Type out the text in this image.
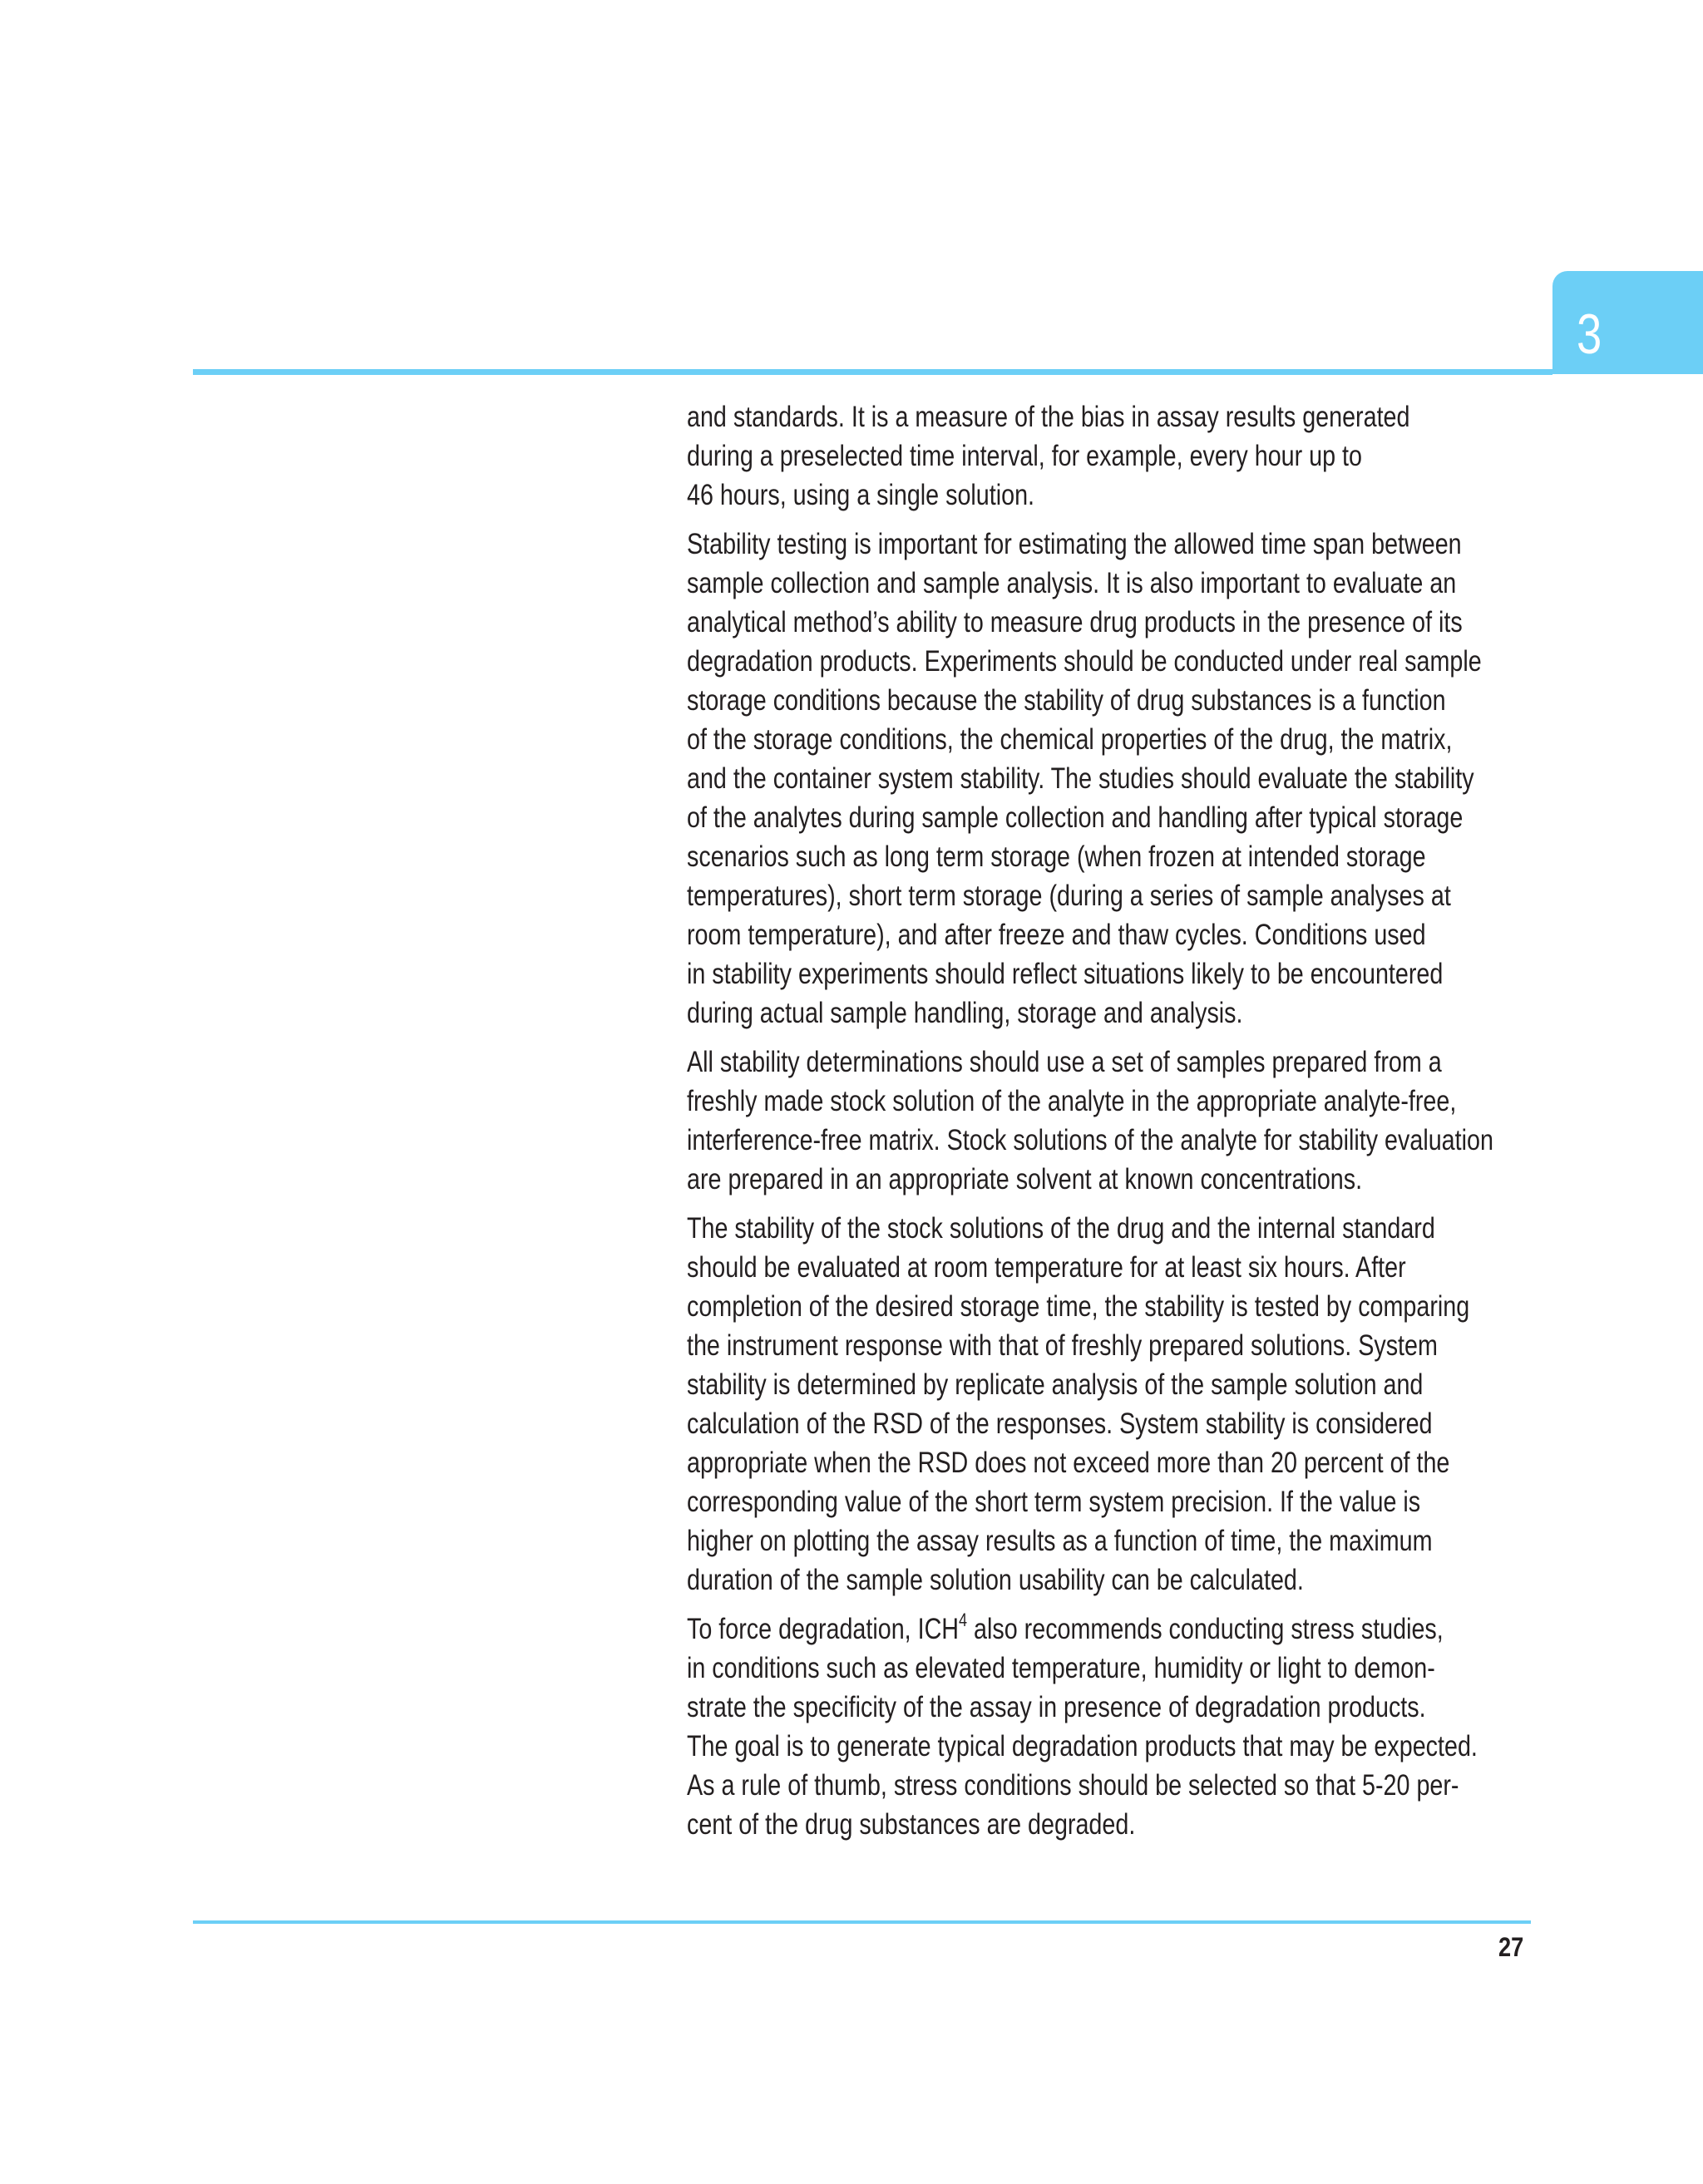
3

and standards. It is a measure of the bias in assay results generated
during a preselected time interval, for example, every hour up to
46 hours, using a single solution.

Stability testing is important for estimating the allowed time span between
sample collection and sample analysis. It is also important to evaluate an
analytical method’s ability to measure drug products in the presence of its
degradation products. Experiments should be conducted under real sample
storage conditions because the stability of drug substances is a function
of the storage conditions, the chemical properties of the drug, the matrix,
and the container system stability. The studies should evaluate the stability
of the analytes during sample collection and handling after typical storage
scenarios such as long term storage (when frozen at intended storage
temperatures), short term storage (during a series of sample analyses at
room temperature), and after freeze and thaw cycles. Conditions used
in stability experiments should reflect situations likely to be encountered
during actual sample handling, storage and analysis.

All stability determinations should use a set of samples prepared from a
freshly made stock solution of the analyte in the appropriate analyte-free,
interference-free matrix. Stock solutions of the analyte for stability evaluation
are prepared in an appropriate solvent at known concentrations.

The stability of the stock solutions of the drug and the internal standard
should be evaluated at room temperature for at least six hours. After
completion of the desired storage time, the stability is tested by comparing
the instrument response with that of freshly prepared solutions. System
stability is determined by replicate analysis of the sample solution and
calculation of the RSD of the responses. System stability is considered
appropriate when the RSD does not exceed more than 20 percent of the
corresponding value of the short term system precision. If the value is
higher on plotting the assay results as a function of time, the maximum
duration of the sample solution usability can be calculated.

To force degradation, ICH$^4$ also recommends conducting stress studies,
in conditions such as elevated temperature, humidity or light to demon-
strate the specificity of the assay in presence of degradation products.
The goal is to generate typical degradation products that may be expected.
As a rule of thumb, stress conditions should be selected so that 5-20 per-
cent of the drug substances are degraded.

27
